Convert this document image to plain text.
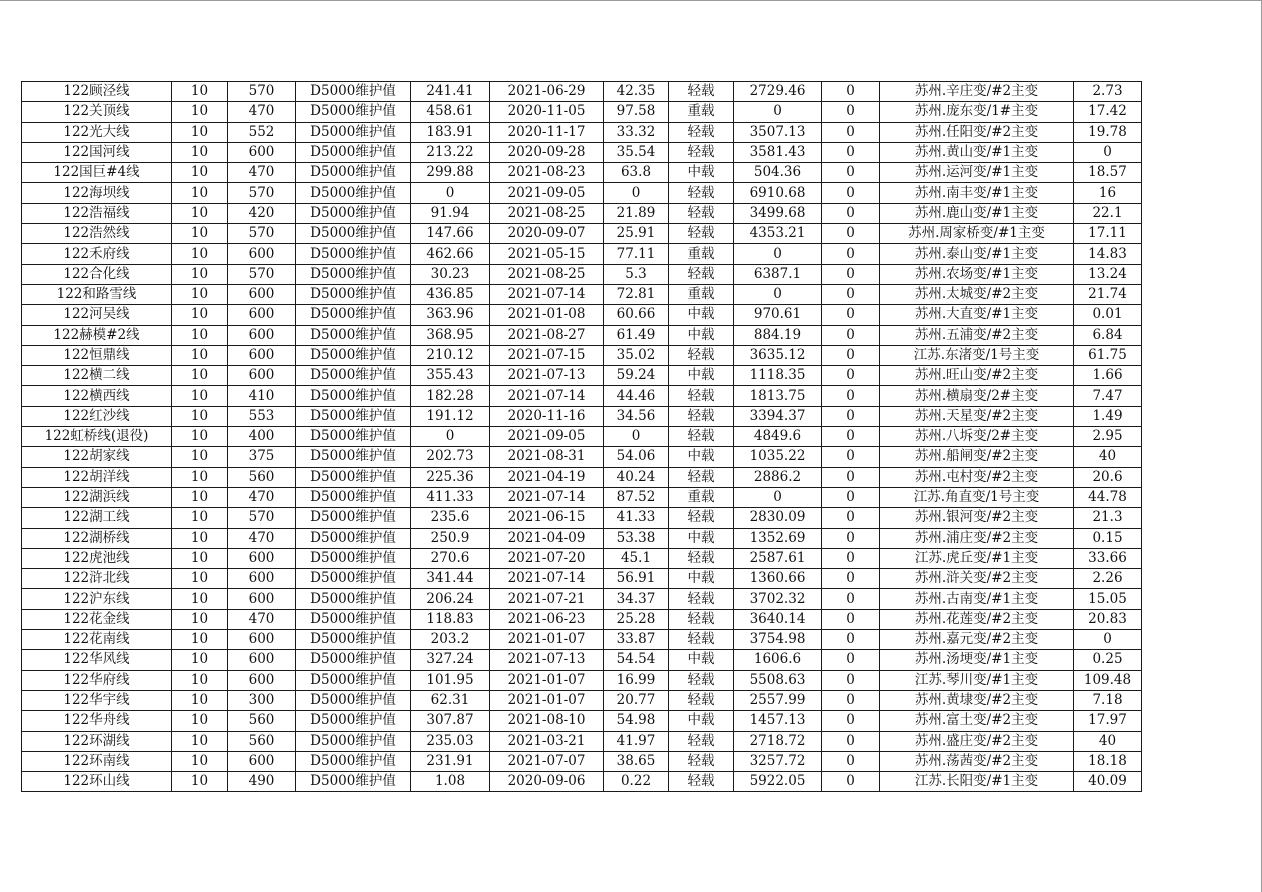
122顾泾线	10	570	D5000维护值	241.41	2021-06-29	42.35	轻载	2729.46	0	苏州.辛庄变/#2主变	2.73
122关顶线	10	470	D5000维护值	458.61	2020-11-05	97.58	重载	0	0	苏州.庞东变/1#主变	17.42
122光大线	10	552	D5000维护值	183.91	2020-11-17	33.32	轻载	3507.13	0	苏州.任阳变/#2主变	19.78
122国河线	10	600	D5000维护值	213.22	2020-09-28	35.54	轻载	3581.43	0	苏州.黄山变/#1主变	0
122国巨#4线	10	470	D5000维护值	299.88	2021-08-23	63.8	中载	504.36	0	苏州.运河变/#1主变	18.57
122海坝线	10	570	D5000维护值	0	2021-09-05	0	轻载	6910.68	0	苏州.南丰变/#1主变	16
122浩福线	10	420	D5000维护值	91.94	2021-08-25	21.89	轻载	3499.68	0	苏州.鹿山变/#1主变	22.1
122浩然线	10	570	D5000维护值	147.66	2020-09-07	25.91	轻载	4353.21	0	苏州.周家桥变/#1主变	17.11
122禾府线	10	600	D5000维护值	462.66	2021-05-15	77.11	重载	0	0	苏州.泰山变/#1主变	14.83
122合化线	10	570	D5000维护值	30.23	2021-08-25	5.3	轻载	6387.1	0	苏州.农场变/#1主变	13.24
122和路雪线	10	600	D5000维护值	436.85	2021-07-14	72.81	重载	0	0	苏州.太城变/#2主变	21.74
122河吴线	10	600	D5000维护值	363.96	2021-01-08	60.66	中载	970.61	0	苏州.大直变/#1主变	0.01
122赫模#2线	10	600	D5000维护值	368.95	2021-08-27	61.49	中载	884.19	0	苏州.五浦变/#2主变	6.84
122恒鼎线	10	600	D5000维护值	210.12	2021-07-15	35.02	轻载	3635.12	0	江苏.东渚变/1号主变	61.75
122横二线	10	600	D5000维护值	355.43	2021-07-13	59.24	中载	1118.35	0	苏州.旺山变/#2主变	1.66
122横西线	10	410	D5000维护值	182.28	2021-07-14	44.46	轻载	1813.75	0	苏州.横扇变/2#主变	7.47
122红沙线	10	553	D5000维护值	191.12	2020-11-16	34.56	轻载	3394.37	0	苏州.天星变/#2主变	1.49
122虹桥线(退役)	10	400	D5000维护值	0	2021-09-05	0	轻载	4849.6	0	苏州.八坼变/2#主变	2.95
122胡家线	10	375	D5000维护值	202.73	2021-08-31	54.06	中载	1035.22	0	苏州.船闸变/#2主变	40
122胡洋线	10	560	D5000维护值	225.36	2021-04-19	40.24	轻载	2886.2	0	苏州.屯村变/#2主变	20.6
122湖浜线	10	470	D5000维护值	411.33	2021-07-14	87.52	重载	0	0	江苏.角直变/1号主变	44.78
122湖工线	10	570	D5000维护值	235.6	2021-06-15	41.33	轻载	2830.09	0	苏州.银河变/#2主变	21.3
122湖桥线	10	470	D5000维护值	250.9	2021-04-09	53.38	中载	1352.69	0	苏州.浦庄变/#2主变	0.15
122虎池线	10	600	D5000维护值	270.6	2021-07-20	45.1	轻载	2587.61	0	江苏.虎丘变/#1主变	33.66
122浒北线	10	600	D5000维护值	341.44	2021-07-14	56.91	中载	1360.66	0	苏州.浒关变/#2主变	2.26
122沪东线	10	600	D5000维护值	206.24	2021-07-21	34.37	轻载	3702.32	0	苏州.古南变/#1主变	15.05
122花金线	10	470	D5000维护值	118.83	2021-06-23	25.28	轻载	3640.14	0	苏州.花莲变/#2主变	20.83
122花南线	10	600	D5000维护值	203.2	2021-01-07	33.87	轻载	3754.98	0	苏州.嘉元变/#2主变	0
122华风线	10	600	D5000维护值	327.24	2021-07-13	54.54	中载	1606.6	0	苏州.汤埂变/#1主变	0.25
122华府线	10	600	D5000维护值	101.95	2021-01-07	16.99	轻载	5508.63	0	江苏.琴川变/#1主变	109.48
122华宇线	10	300	D5000维护值	62.31	2021-01-07	20.77	轻载	2557.99	0	苏州.黄埭变/#2主变	7.18
122华舟线	10	560	D5000维护值	307.87	2021-08-10	54.98	中载	1457.13	0	苏州.富土变/#2主变	17.97
122环湖线	10	560	D5000维护值	235.03	2021-03-21	41.97	轻载	2718.72	0	苏州.盛庄变/#2主变	40
122环南线	10	600	D5000维护值	231.91	2021-07-07	38.65	轻载	3257.72	0	苏州.荡茜变/#2主变	18.18
122环山线	10	490	D5000维护值	1.08	2020-09-06	0.22	轻载	5922.05	0	江苏.长阳变/#1主变	40.09
